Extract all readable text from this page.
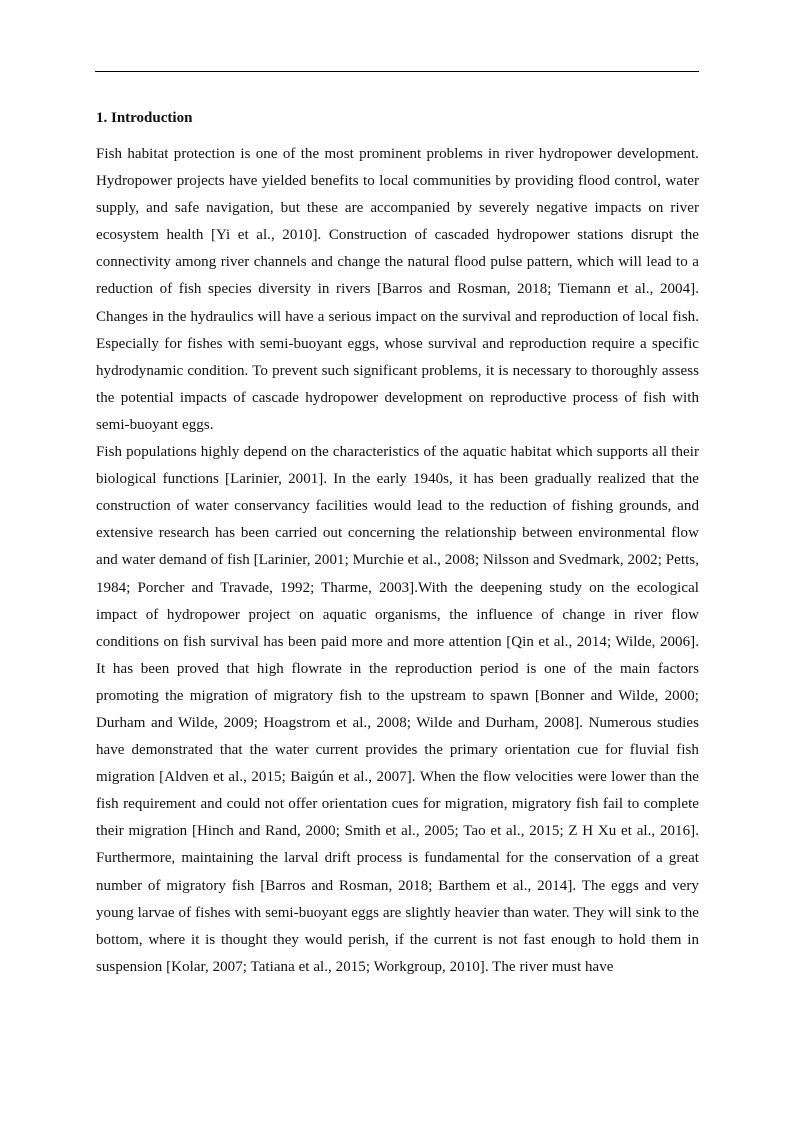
1. Introduction

Fish habitat protection is one of the most prominent problems in river hydropower development. Hydropower projects have yielded benefits to local communities by providing flood control, water supply, and safe navigation, but these are accompanied by severely negative impacts on river ecosystem health [Yi et al., 2010]. Construction of cascaded hydropower stations disrupt the connectivity among river channels and change the natural flood pulse pattern, which will lead to a reduction of fish species diversity in rivers [Barros and Rosman, 2018; Tiemann et al., 2004]. Changes in the hydraulics will have a serious impact on the survival and reproduction of local fish. Especially for fishes with semi-buoyant eggs, whose survival and reproduction require a specific hydrodynamic condition. To prevent such significant problems, it is necessary to thoroughly assess the potential impacts of cascade hydropower development on reproductive process of fish with semi-buoyant eggs.

Fish populations highly depend on the characteristics of the aquatic habitat which supports all their biological functions [Larinier, 2001]. In the early 1940s, it has been gradually realized that the construction of water conservancy facilities would lead to the reduction of fishing grounds, and extensive research has been carried out concerning the relationship between environmental flow and water demand of fish [Larinier, 2001; Murchie et al., 2008; Nilsson and Svedmark, 2002; Petts, 1984; Porcher and Travade, 1992; Tharme, 2003].With the deepening study on the ecological impact of hydropower project on aquatic organisms, the influence of change in river flow conditions on fish survival has been paid more and more attention [Qin et al., 2014; Wilde, 2006]. It has been proved that high flowrate in the reproduction period is one of the main factors promoting the migration of migratory fish to the upstream to spawn [Bonner and Wilde, 2000; Durham and Wilde, 2009; Hoagstrom et al., 2008; Wilde and Durham, 2008]. Numerous studies have demonstrated that the water current provides the primary orientation cue for fluvial fish migration [Aldven et al., 2015; Baigún et al., 2007]. When the flow velocities were lower than the fish requirement and could not offer orientation cues for migration, migratory fish fail to complete their migration [Hinch and Rand, 2000; Smith et al., 2005; Tao et al., 2015; Z H Xu et al., 2016]. Furthermore, maintaining the larval drift process is fundamental for the conservation of a great number of migratory fish [Barros and Rosman, 2018; Barthem et al., 2014]. The eggs and very young larvae of fishes with semi-buoyant eggs are slightly heavier than water. They will sink to the bottom, where it is thought they would perish, if the current is not fast enough to hold them in suspension [Kolar, 2007; Tatiana et al., 2015; Workgroup, 2010]. The river must have
